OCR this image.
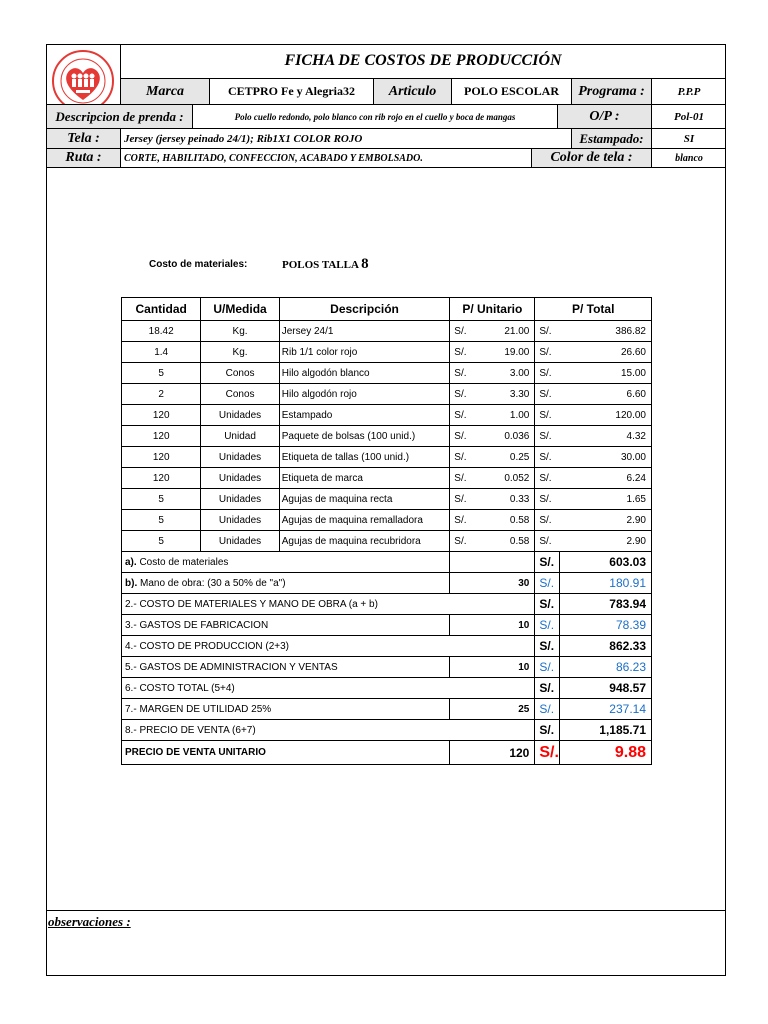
FICHA DE COSTOS DE PRODUCCIÓN
Marca	CETPRO Fe y Alegria32	Articulo	POLO ESCOLAR	Programa :	P.P.P
Descripcion de prenda :	Polo cuello redondo, polo blanco con rib rojo en el cuello y boca de mangas	O/P :	Pol-01
Tela :	Jersey (jersey peinado 24/1); Rib1X1 COLOR ROJO	Estampado:	SI
Ruta :	CORTE, HABILITADO, CONFECCION, ACABADO Y EMBOLSADO.	Color de tela :	blanco
Costo de materiales:	POLOS TALLA 8
Cantidad	U/Medida	Descripción	P/ Unitario		P/ Total	
18.42	Kg.	Jersey 24/1	S/.	21.00	S/.	386.82
1.4	Kg.	Rib 1/1 color rojo	S/.	19.00	S/.	26.60
5	Conos	Hilo algodón blanco	S/.	3.00	S/.	15.00
2	Conos	Hilo algodón rojo	S/.	3.30	S/.	6.60
120	Unidades	Estampado	S/.	1.00	S/.	120.00
120	Unidad	Paquete de bolsas (100 unid.)	S/.	0.036	S/.	4.32
120	Unidades	Etiqueta de tallas (100 unid.)	S/.	0.25	S/.	30.00
120	Unidades	Etiqueta de marca	S/.	0.052	S/.	6.24
5	Unidades	Agujas de maquina recta	S/.	0.33	S/.	1.65
5	Unidades	Agujas de maquina remalladora	S/.	0.58	S/.	2.90
5	Unidades	Agujas de maquina recubridora	S/.	0.58	S/.	2.90
a). Costo de materiales					S/.	603.03
b). Mano de obra: (30 a 50% de "a")			30		S/.	180.91
2.- COSTO DE MATERIALES Y MANO DE OBRA (a + b)					S/.	783.94
3.- GASTOS DE FABRICACION			10		S/.	78.39
4.- COSTO DE PRODUCCION (2+3)					S/.	862.33
5.- GASTOS DE ADMINISTRACION Y VENTAS			10		S/.	86.23
6.- COSTO TOTAL (5+4)					S/.	948.57
7.- MARGEN DE UTILIDAD 25%			25		S/.	237.14
8.- PRECIO DE VENTA (6+7)					S/.	1,185.71
PRECIO DE VENTA UNITARIO			120		S/.	9.88
observaciones :
